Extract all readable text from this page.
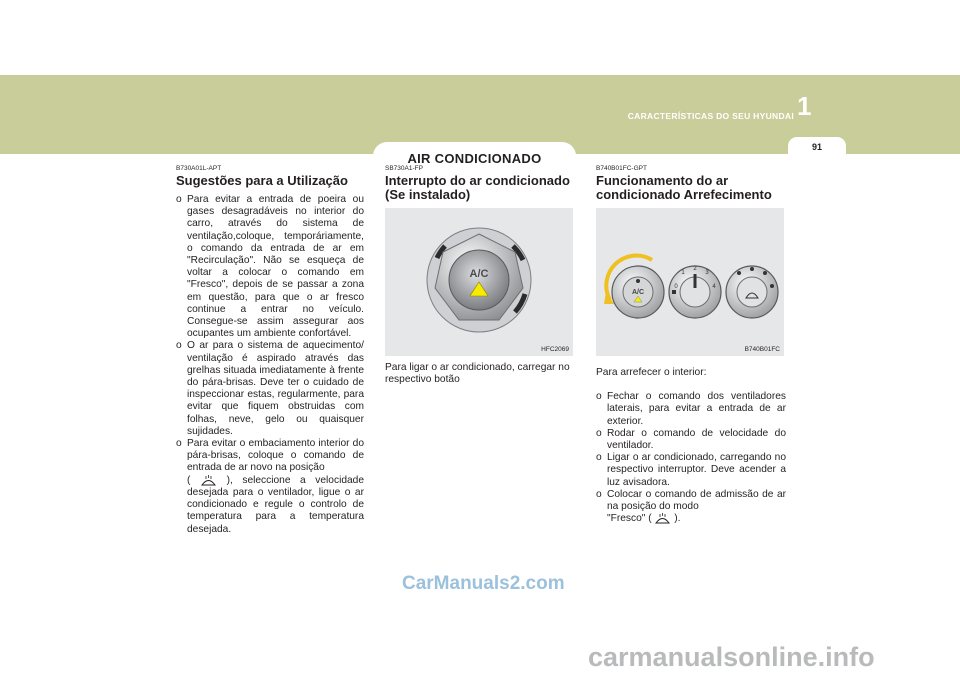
CARACTERÍSTICAS DO SEU HYUNDAI 1
91
AIR CONDICIONADO
B730A01L-APT
Sugestões para a Utilização
o Para evitar a entrada de poeira ou gases desagradáveis no interior do carro, através do sistema de ventilação,coloque, temporáriamente, o comando da entrada de ar em "Recirculação". Não se esqueça de voltar a colocar o comando em "Fresco", depois de se passar a zona em questão, para que o ar fresco continue a entrar no veículo. Consegue-se assim assegurar aos ocupantes um ambiente confortável.
o O ar para o sistema de aquecimento/ ventilação é aspirado através das grelhas situada imediatamente à frente do pára-brisas. Deve ter o cuidado de inspeccionar estas, regularmente, para evitar que fiquem obstruidas com folhas, neve, gelo ou quaisquer sujidades.
o Para evitar o embaciamento interior do pára-brisas, coloque o comando de entrada de ar novo na posição
(	), seleccione a velocidade desejada para o ventilador, ligue o ar condicionado e regule o controlo de temperatura para a temperatura desejada.
SB730A1-FP
Interrupto do ar condicionado (Se instalado)
A/C
HFC2069

Para ligar o ar condicionado, carregar no respectivo botão

B740B01FC-GPT
Funcionamento do ar condicionado Arrefecimento
A/C
0
1
2
3
4
B740B01FC

Para arrefecer o interior:

o Fechar o comando dos ventiladores laterais, para evitar a entrada de ar exterior.
o Rodar o comando de velocidade do ventilador.
o Ligar o ar condicionado, carregando no respectivo interruptor. Deve acender a luz avisadora.
o Colocar o comando de admissão de ar na posição do modo
"Fresco" ( ).
CarManuals2.com
carmanualsonline.info
